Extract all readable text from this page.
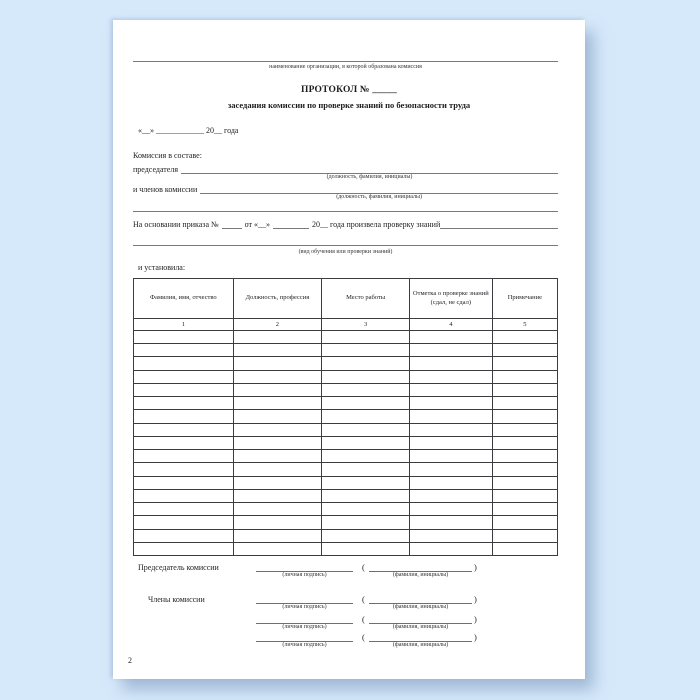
наименование организации, в которой образована комиссия
ПРОТОКОЛ № _____
заседания комиссии по проверке знаний по безопасности труда
«__» ____________ 20__ года
Комиссия в составе:
председателя
(должность, фамилия, инициалы)
и членов комиссии
(должность, фамилия, инициалы)
На основании приказа №	от «__»	20__ года произвела проверку знаний
(вид обучения или проверки знаний)
и установила:
Фамилия, имя, отчество	Должность, профессия	Место работы	Отметка о проверке знаний (сдал, не сдал)	Примечание
1	2	3	4	5

Председатель комиссии
(личная подпись)
(
(фамилия, инициалы)
)
Члены комиссии
(личная подпись)
(
(фамилия, инициалы)
)
(личная подпись)
(
(фамилия, инициалы)
)
(личная подпись)
(
(фамилия, инициалы)
)
2
